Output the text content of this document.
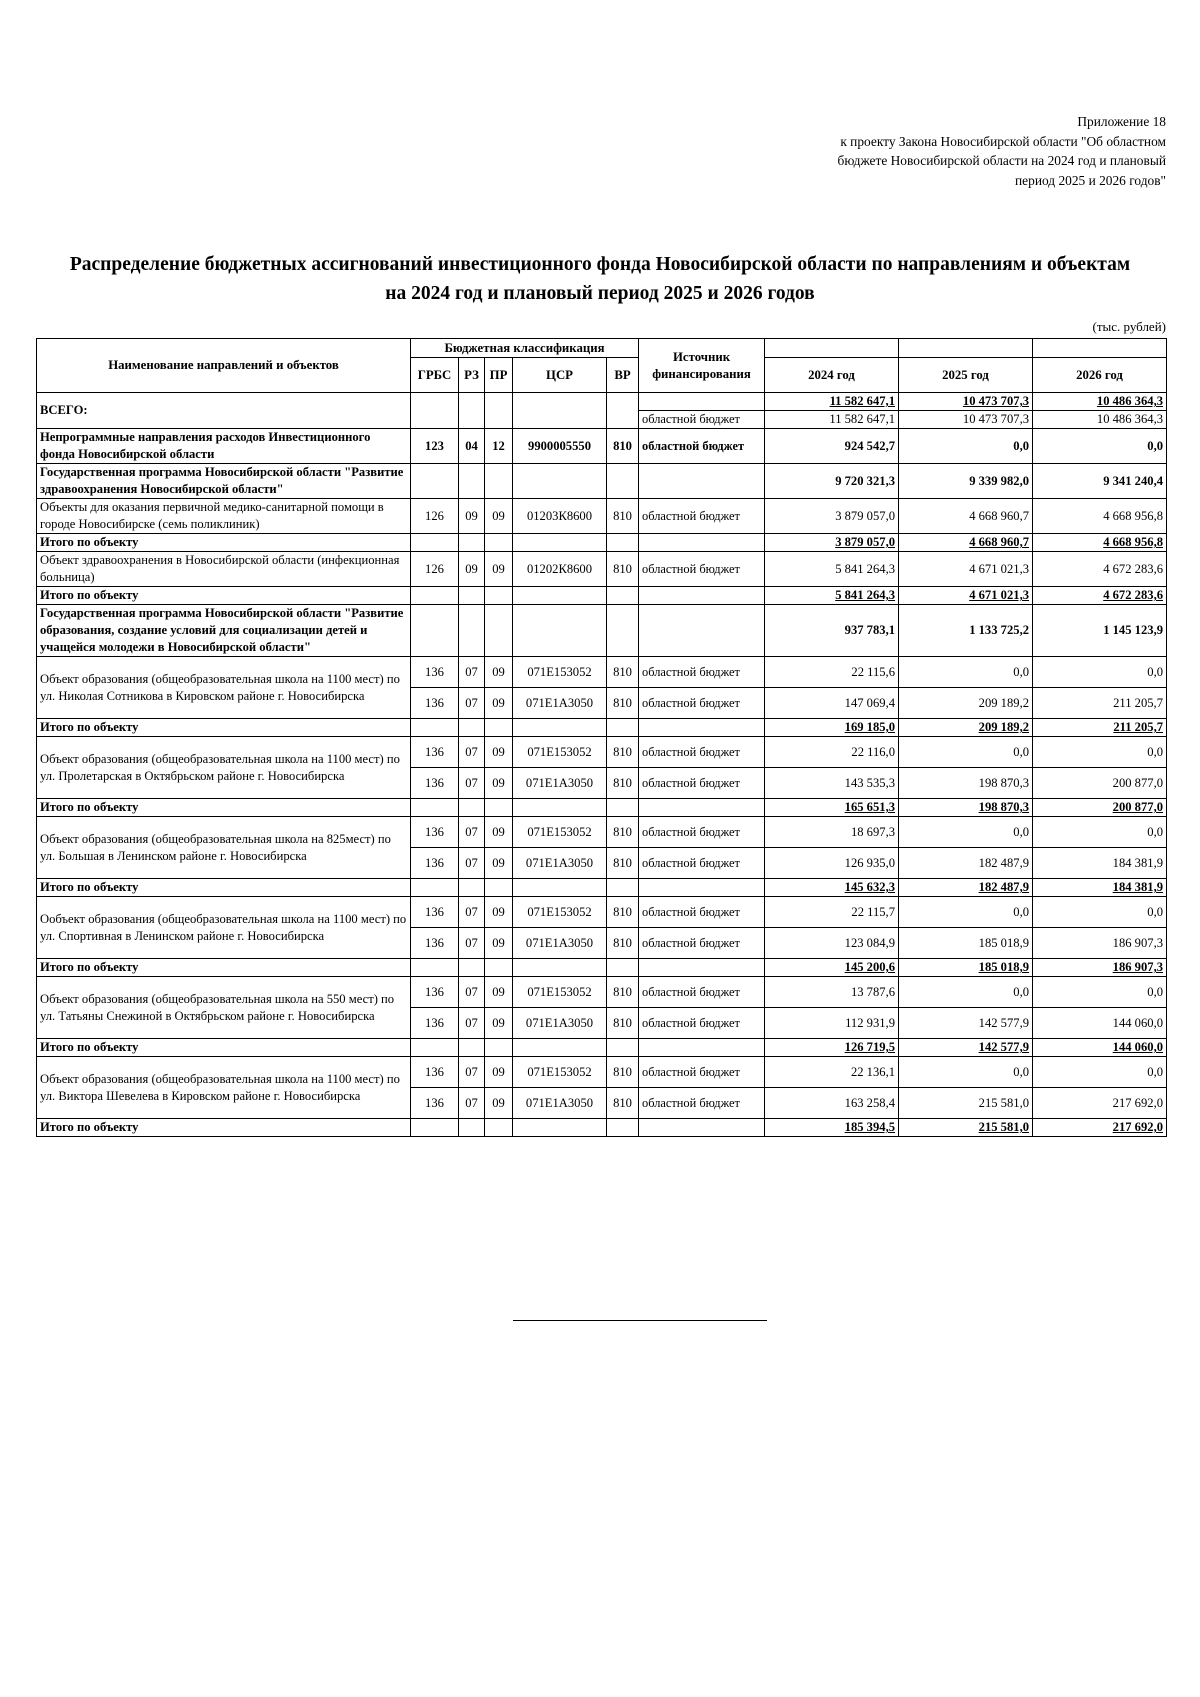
Приложение 18
к проекту Закона Новосибирской области "Об областном
бюджете Новосибирской области на 2024 год и плановый
период 2025 и 2026 годов"
Распределение бюджетных ассигнований инвестиционного фонда Новосибирской области по направлениям и объектам на 2024 год и плановый период 2025 и 2026 годов
(тыс. рублей)
Наименование направлений и объектов	Бюджетная классификация					Источник финансирования			
	ГРБС	РЗ	ПР	ЦСР	ВР		2024 год	2025 год	2026 год
ВСЕГО:							11 582 647,1	10 473 707,3	10 486 364,3
						областной бюджет	11 582 647,1	10 473 707,3	10 486 364,3
Непрограммные направления расходов Инвестиционного фонда Новосибирской области	123	04	12	9900005550	810	областной бюджет	924 542,7	0,0	0,0
Государственная программа Новосибирской области "Развитие здравоохранения Новосибирской области"							9 720 321,3	9 339 982,0	9 341 240,4
Объекты для оказания первичной медико-санитарной помощи в городе Новосибирске (семь поликлиник)	126	09	09	01203К8600	810	областной бюджет	3 879 057,0	4 668 960,7	4 668 956,8
Итого по объекту							3 879 057,0	4 668 960,7	4 668 956,8
Объект здравоохранения в Новосибирской области (инфекционная больница)	126	09	09	01202К8600	810	областной бюджет	5 841 264,3	4 671 021,3	4 672 283,6
Итого по объекту							5 841 264,3	4 671 021,3	4 672 283,6
Государственная программа Новосибирской области "Развитие образования, создание условий для социализации детей и учащейся молодежи в Новосибирской области"							937 783,1	1 133 725,2	1 145 123,9
Объект образования (общеобразовательная школа на 1100 мест) по ул. Николая Сотникова в Кировском районе г. Новосибирска	136	07	09	071Е153052	810	областной бюджет	22 115,6	0,0	0,0
	136	07	09	071Е1А3050	810	областной бюджет	147 069,4	209 189,2	211 205,7
Итого по объекту							169 185,0	209 189,2	211 205,7
Объект образования (общеобразовательная школа на 1100 мест) по ул. Пролетарская в Октябрьском районе г. Новосибирска	136	07	09	071Е153052	810	областной бюджет	22 116,0	0,0	0,0
	136	07	09	071Е1А3050	810	областной бюджет	143 535,3	198 870,3	200 877,0
Итого по объекту							165 651,3	198 870,3	200 877,0
Объект образования (общеобразовательная школа на 825мест) по ул. Большая в Ленинском районе г. Новосибирска	136	07	09	071Е153052	810	областной бюджет	18 697,3	0,0	0,0
	136	07	09	071Е1А3050	810	областной бюджет	126 935,0	182 487,9	184 381,9
Итого по объекту							145 632,3	182 487,9	184 381,9
Ообъект образования (общеобразовательная школа на 1100 мест) по ул. Спортивная в Ленинском районе г. Новосибирска	136	07	09	071Е153052	810	областной бюджет	22 115,7	0,0	0,0
	136	07	09	071Е1А3050	810	областной бюджет	123 084,9	185 018,9	186 907,3
Итого по объекту							145 200,6	185 018,9	186 907,3
Объект образования (общеобразовательная школа на 550 мест) по ул. Татьяны Снежиной в Октябрьском районе г. Новосибирска	136	07	09	071Е153052	810	областной бюджет	13 787,6	0,0	0,0
	136	07	09	071Е1А3050	810	областной бюджет	112 931,9	142 577,9	144 060,0
Итого по объекту							126 719,5	142 577,9	144 060,0
Объект образования (общеобразовательная школа на 1100 мест) по ул. Виктора Шевелева в Кировском районе г. Новосибирска	136	07	09	071Е153052	810	областной бюджет	22 136,1	0,0	0,0
	136	07	09	071Е1А3050	810	областной бюджет	163 258,4	215 581,0	217 692,0
Итого по объекту							185 394,5	215 581,0	217 692,0
